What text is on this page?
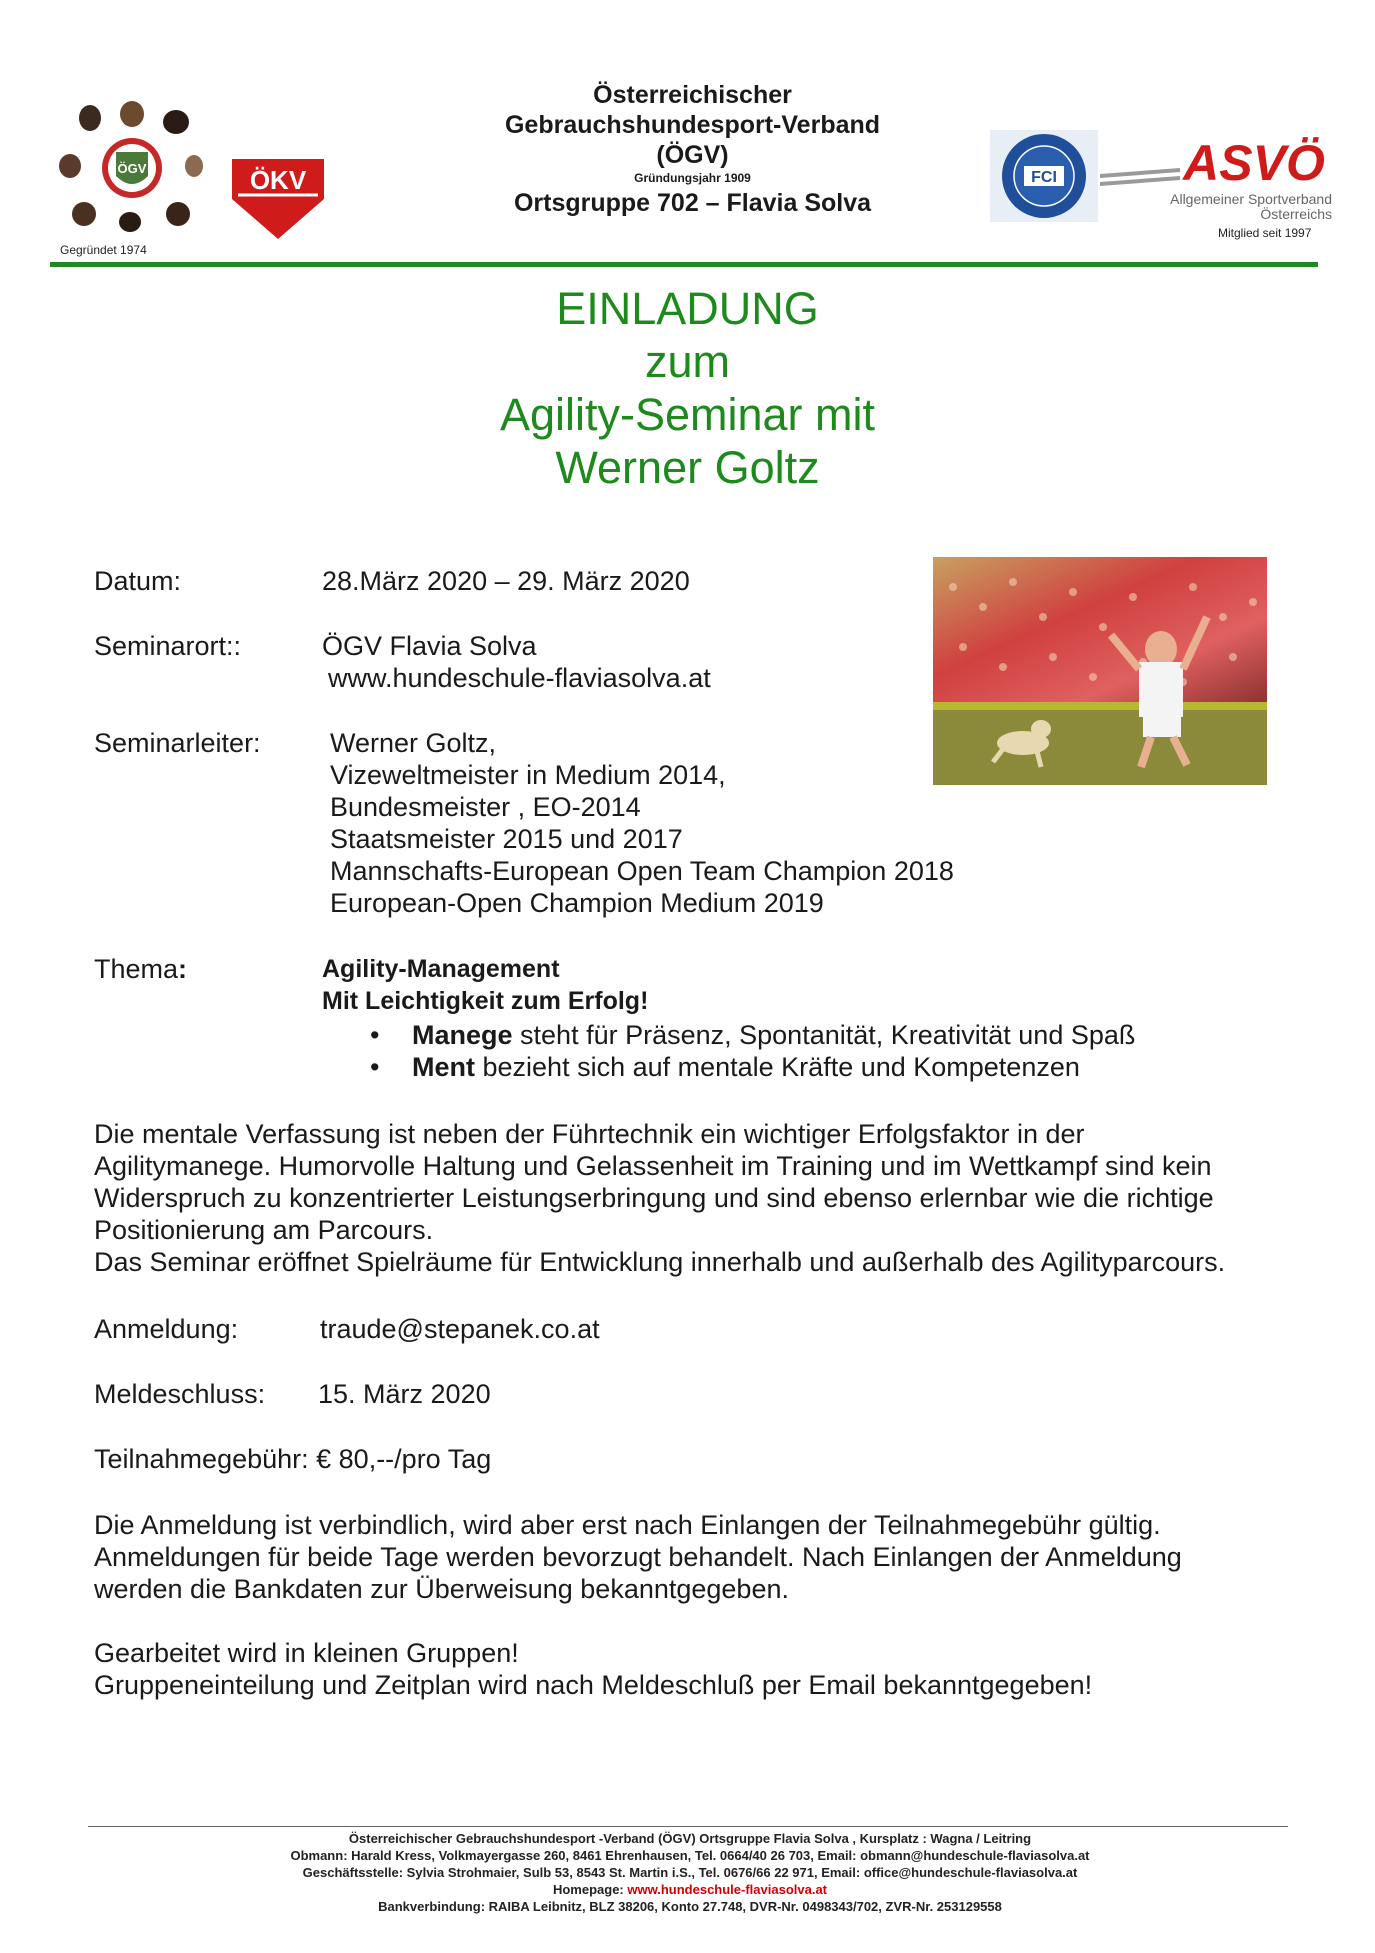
ÖGV
Gegründet 1974
ÖKV
Österreichischer
Gebrauchshundesport-Verband
(ÖGV)
Gründungsjahr 1909
Ortsgruppe 702 – Flavia Solva
FCI	ASVÖ
Allgemeiner Sportverband
Österreichs
Mitglied seit 1997
EINLADUNG
zum
Agility-Seminar mit
Werner Goltz
Datum:	28.März 2020 – 29. März 2020
Seminarort::	ÖGV Flavia Solva
www.hundeschule-flaviasolva.at
Seminarleiter:	Werner Goltz,
Vizeweltmeister in Medium 2014,
Bundesmeister , EO-2014
Staatsmeister 2015 und 2017
Mannschafts-European Open Team Champion 2018
European-Open Champion Medium 2019
Thema:	Agility-Management
Mit Leichtigkeit zum Erfolg!
• Manege steht für Präsenz, Spontanität, Kreativität und Spaß
• Ment bezieht sich auf mentale Kräfte und Kompetenzen
Die mentale Verfassung ist neben der Führtechnik ein wichtiger Erfolgsfaktor in der
Agilitymanege. Humorvolle Haltung und Gelassenheit im Training und im Wettkampf sind kein
Widerspruch zu konzentrierter Leistungserbringung und sind ebenso erlernbar wie die richtige
Positionierung am Parcours.
Das Seminar eröffnet Spielräume für Entwicklung innerhalb und außerhalb des Agilityparcours.
Anmeldung:	traude@stepanek.co.at
Meldeschluss: 15. März 2020
Teilnahmegebühr: € 80,--/pro Tag
Die Anmeldung ist verbindlich, wird aber erst nach Einlangen der Teilnahmegebühr gültig.
Anmeldungen für beide Tage werden bevorzugt behandelt. Nach Einlangen der Anmeldung
werden die Bankdaten zur Überweisung bekanntgegeben.
Gearbeitet wird in kleinen Gruppen!
Gruppeneinteilung und Zeitplan wird nach Meldeschluß per Email bekanntgegeben!
Österreichischer Gebrauchshundesport -Verband (ÖGV) Ortsgruppe Flavia Solva , Kursplatz : Wagna / Leitring
Obmann: Harald Kress, Volkmayergasse 260, 8461 Ehrenhausen, Tel. 0664/40 26 703, Email: obmann@hundeschule-flaviasolva.at
Geschäftsstelle: Sylvia Strohmaier, Sulb 53, 8543 St. Martin i.S., Tel. 0676/66 22 971, Email: office@hundeschule-flaviasolva.at
Homepage: www.hundeschule-flaviasolva.at
Bankverbindung: RAIBA Leibnitz, BLZ 38206, Konto 27.748, DVR-Nr. 0498343/702, ZVR-Nr. 253129558
